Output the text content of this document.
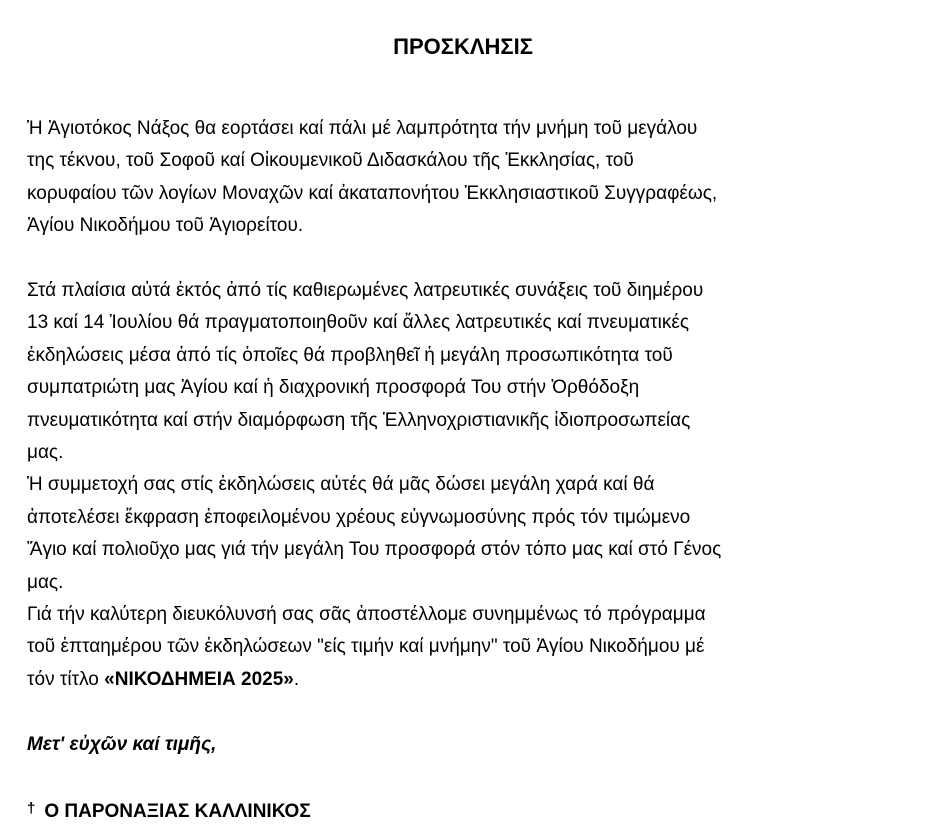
ΠΡΟΣΚΛΗΣΙΣ

Ἡ Ἁγιοτόκος Νάξος θα εορτάσει καί πάλι μέ λαμπρότητα τήν μνήμη τοῦ μεγάλου
της τέκνου, τοῦ Σοφοῦ καί Οἰκουμενικοῦ Διδασκάλου τῆς Ἐκκλησίας, τοῦ
κορυφαίου τῶν λογίων Μοναχῶν καί ἀκαταπονήτου Ἐκκλησιαστικοῦ Συγγραφέως,
Ἁγίου Νικοδήμου τοῦ Ἁγιορείτου.

Στά πλαίσια αὐτά ἐκτός ἀπό τίς καθιερωμένες λατρευτικές συνάξεις τοῦ διημέρου
13 καί 14 Ἰουλίου θά πραγματοποιηθοῦν καί ἄλλες λατρευτικές καί πνευματικές
ἐκδηλώσεις μέσα ἀπό τίς ὁποῖες θά προβληθεῖ ἡ μεγάλη προσωπικότητα τοῦ
συμπατριώτη μας Ἁγίου καί ἡ διαχρονική προσφορά Του στήν Ὀρθόδοξη
πνευματικότητα καί στήν διαμόρφωση τῆς Ἑλληνοχριστιανικῆς ἰδιοπροσωπείας
μας.

Ἡ συμμετοχή σας στίς ἐκδηλώσεις αὐτές θά μᾶς δώσει μεγάλη χαρά καί θά
ἀποτελέσει ἔκφραση ἐποφειλομένου χρέους εὐγνωμοσύνης πρός τόν τιμώμενο
Ἅγιο καί πολιοῦχο μας γιά τήν μεγάλη Του προσφορά στόν τόπο μας καί στό Γένος
μας.

Γιά τήν καλύτερη διευκόλυνσή σας σᾶς ἀποστέλλομε συνημμένως τό πρόγραμμα
τοῦ ἑπταημέρου τῶν ἐκδηλώσεων "είς τιμήν καί μνήμην" τοῦ Ἁγίου Νικοδήμου μέ
τόν τίτλο «ΝΙΚΟΔΗΜΕΙΑ 2025».

Μετ' εὐχῶν καί τιμῆς,

† Ο ΠΑΡΟΝΑΞΙΑΣ ΚΑΛΛΙΝΙΚΟΣ
